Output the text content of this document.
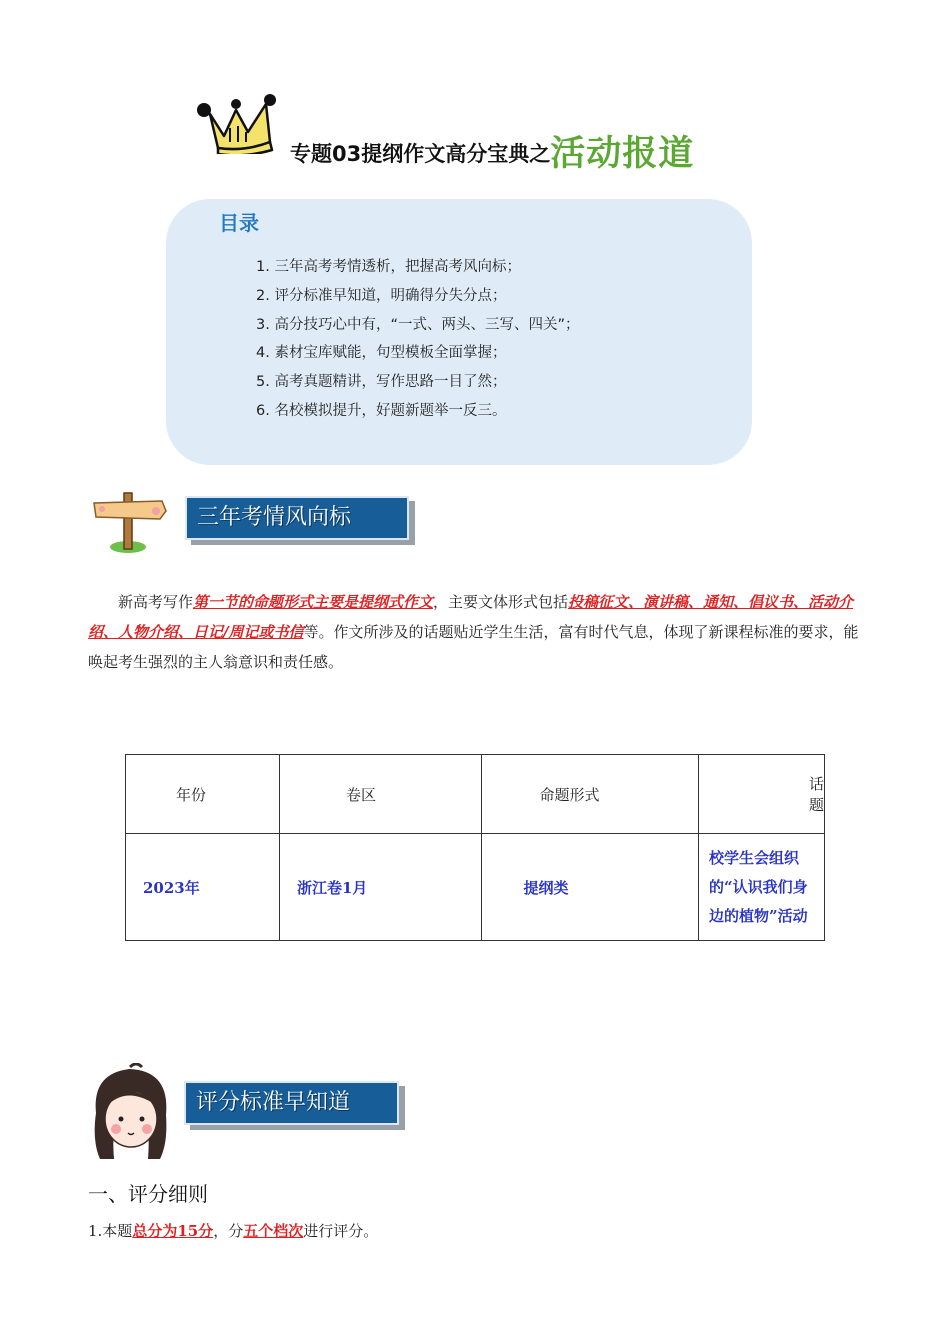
专题03提纲作文高分宝典之活动报道
目录
1. 三年高考考情透析，把握高考风向标；
2. 评分标准早知道，明确得分失分点；
3. 高分技巧心中有，“一式、两头、三写、四关”；
4. 素材宝库赋能，句型模板全面掌握；
5. 高考真题精讲，写作思路一目了然；
6. 名校模拟提升，好题新题举一反三。
三年考情风向标
新高考写作第一节的命题形式主要是提纲式作文，主要文体形式包括投稿征文、演讲稿、通知、倡议书、活动介绍、人物介绍、日记/周记或书信等。作文所涉及的话题贴近学生生活，富有时代气息，体现了新课程标准的要求，能唤起考生强烈的主人翁意识和责任感。
年份	卷区	命题形式	话题
2023年	浙江卷1月	提纲类	校学生会组织的“认识我们身边的植物”活动
评分标准早知道
一、评分细则
1.本题总分为15分，分五个档次进行评分。
